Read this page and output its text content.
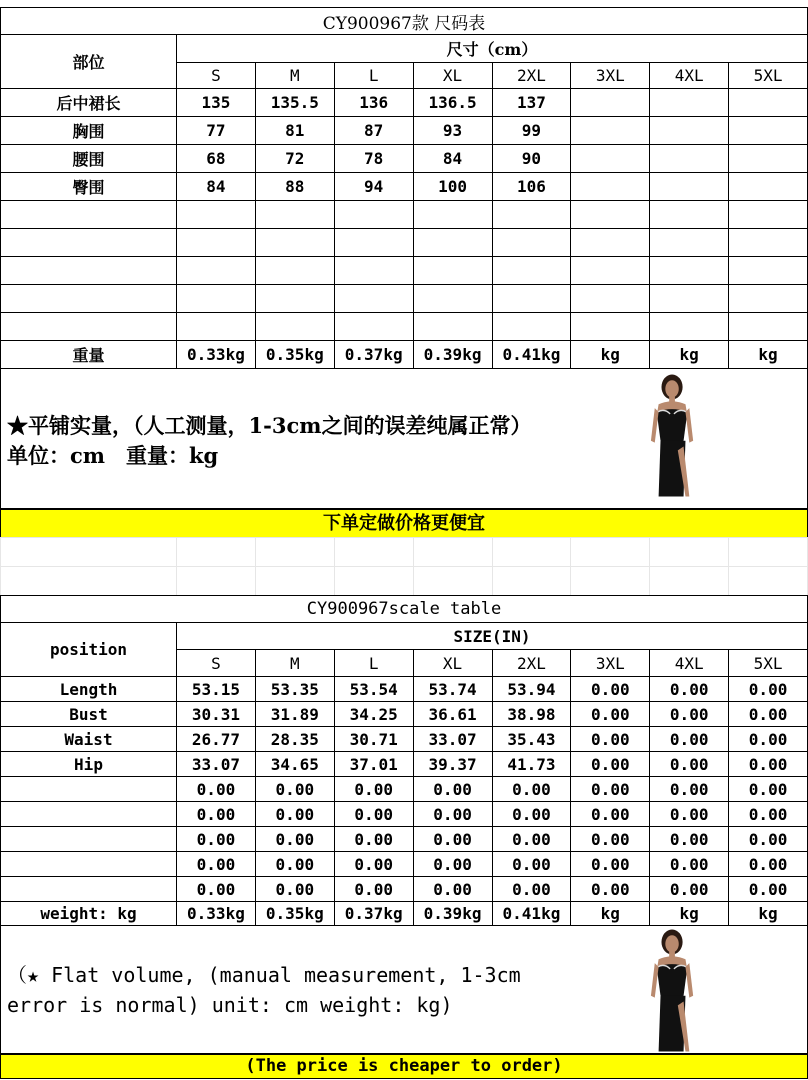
CY900967款 尺码表								
部位	尺寸（cm）							
	S	M	L	XL	2XL	3XL	4XL	5XL
后中裙长	135	135.5	136	136.5	137			
胸围	77	81	87	93	99			
腰围	68	72	78	84	90			
臀围	84	88	94	100	106			

重量	0.33kg	0.35kg	0.37kg	0.39kg	0.41kg	kg	kg	kg
★平铺实量，（人工测量，1-3cm之间的误差纯属正常）
单位：cm　重量：kg
下单定做价格更便宜

CY900967scale table								
position	SIZE(IN)							
	S	M	L	XL	2XL	3XL	4XL	5XL
Length	53.15	53.35	53.54	53.74	53.94	0.00	0.00	0.00
Bust	30.31	31.89	34.25	36.61	38.98	0.00	0.00	0.00
Waist	26.77	28.35	30.71	33.07	35.43	0.00	0.00	0.00
Hip	33.07	34.65	37.01	39.37	41.73	0.00	0.00	0.00
	0.00	0.00	0.00	0.00	0.00	0.00	0.00	0.00
	0.00	0.00	0.00	0.00	0.00	0.00	0.00	0.00
	0.00	0.00	0.00	0.00	0.00	0.00	0.00	0.00
	0.00	0.00	0.00	0.00	0.00	0.00	0.00	0.00
	0.00	0.00	0.00	0.00	0.00	0.00	0.00	0.00
weight: kg	0.33kg	0.35kg	0.37kg	0.39kg	0.41kg	kg	kg	kg
（★ Flat volume, (manual measurement, 1-3cm
error is normal) unit: cm weight: kg)
(The price is cheaper to order)
